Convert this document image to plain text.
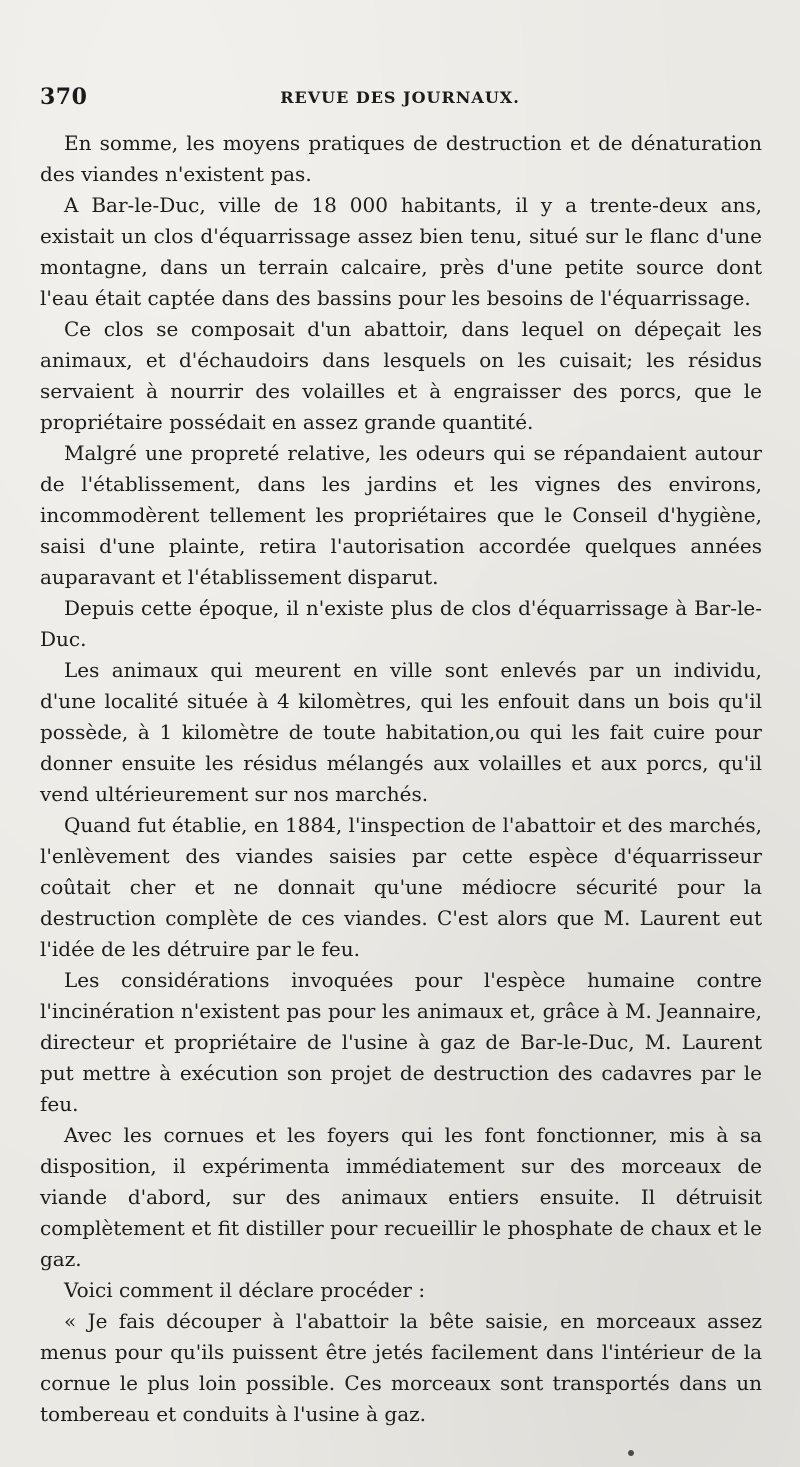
370	REVUE DES JOURNAUX.

En somme, les moyens pratiques de destruction et de dénaturation des viandes n'existent pas.

A Bar-le-Duc, ville de 18 000 habitants, il y a trente-deux ans, existait un clos d'équarrissage assez bien tenu, situé sur le flanc d'une montagne, dans un terrain calcaire, près d'une petite source dont l'eau était captée dans des bassins pour les besoins de l'équarrissage.

Ce clos se composait d'un abattoir, dans lequel on dépeçait les animaux, et d'échaudoirs dans lesquels on les cuisait; les résidus servaient à nourrir des volailles et à engraisser des porcs, que le propriétaire possédait en assez grande quantité.

Malgré une propreté relative, les odeurs qui se répandaient autour de l'établissement, dans les jardins et les vignes des environs, incommodèrent tellement les propriétaires que le Conseil d'hygiène, saisi d'une plainte, retira l'autorisation accordée quelques années auparavant et l'établissement disparut.

Depuis cette époque, il n'existe plus de clos d'équarrissage à Bar-le-Duc.

Les animaux qui meurent en ville sont enlevés par un individu, d'une localité située à 4 kilomètres, qui les enfouit dans un bois qu'il possède, à 1 kilomètre de toute habitation,ou qui les fait cuire pour donner ensuite les résidus mélangés aux volailles et aux porcs, qu'il vend ultérieurement sur nos marchés.

Quand fut établie, en 1884, l'inspection de l'abattoir et des marchés, l'enlèvement des viandes saisies par cette espèce d'équarrisseur coûtait cher et ne donnait qu'une médiocre sécurité pour la destruction complète de ces viandes. C'est alors que M. Laurent eut l'idée de les détruire par le feu.

Les considérations invoquées pour l'espèce humaine contre l'incinération n'existent pas pour les animaux et, grâce à M. Jeannaire, directeur et propriétaire de l'usine à gaz de Bar-le-Duc, M. Laurent put mettre à exécution son projet de destruction des cadavres par le feu.

Avec les cornues et les foyers qui les font fonctionner, mis à sa disposition, il expérimenta immédiatement sur des morceaux de viande d'abord, sur des animaux entiers ensuite. Il détruisit complètement et fit distiller pour recueillir le phosphate de chaux et le gaz.

Voici comment il déclare procéder :

« Je fais découper à l'abattoir la bête saisie, en morceaux assez menus pour qu'ils puissent être jetés facilement dans l'intérieur de la cornue le plus loin possible. Ces morceaux sont transportés dans un tombereau et conduits à l'usine à gaz.
